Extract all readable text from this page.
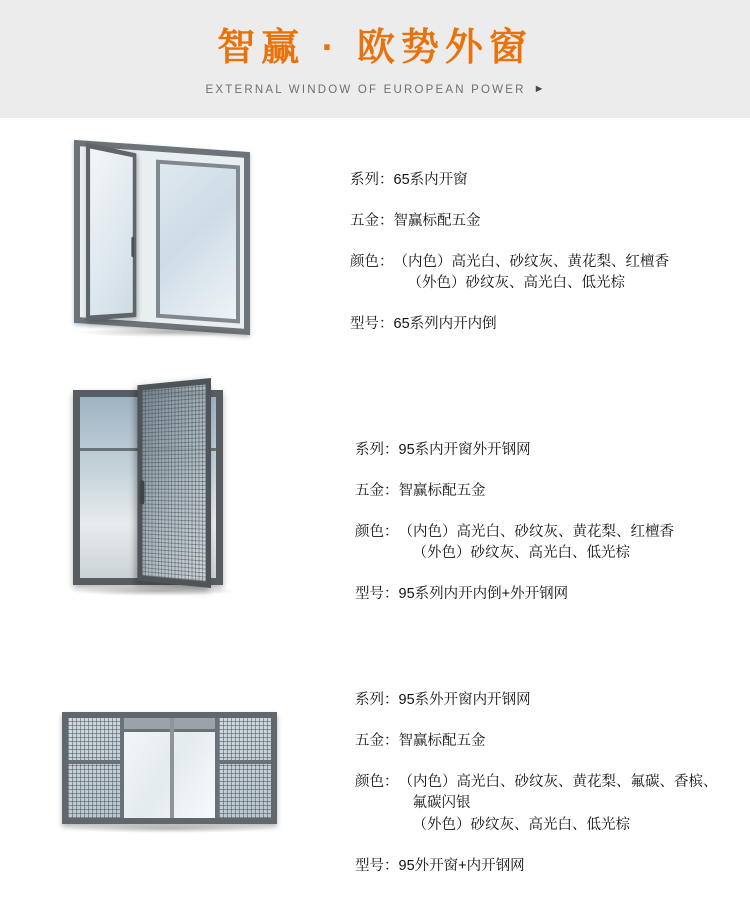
智赢 · 欧势外窗
EXTERNAL WINDOW OF EUROPEAN POWER ►
系列： 65系内开窗
五金： 智赢标配五金
颜色： （内色）高光白、砂纹灰、黄花梨、红檀香
（外色）砂纹灰、高光白、低光棕
型号： 65系列内开内倒
系列： 95系内开窗外开钢网
五金： 智赢标配五金
颜色： （内色）高光白、砂纹灰、黄花梨、红檀香
（外色）砂纹灰、高光白、低光棕
型号： 95系列内开内倒+外开钢网
系列： 95系外开窗内开钢网
五金： 智赢标配五金
颜色： （内色）高光白、砂纹灰、黄花梨、氟碳、香槟、
氟碳闪银
（外色）砂纹灰、高光白、低光棕
型号： 95外开窗+内开钢网
